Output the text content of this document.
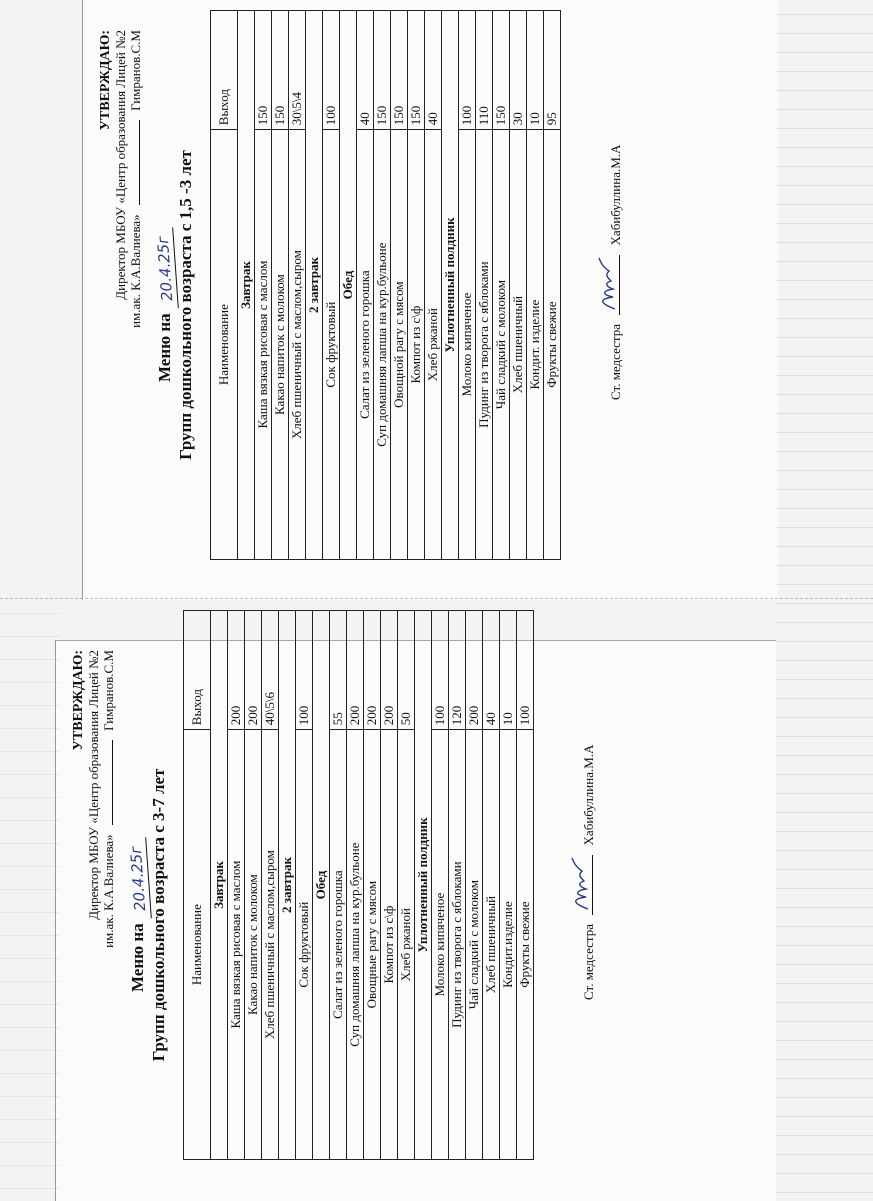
УТВЕРЖДАЮ: Директор МБОУ «Центр образования Лицей №2 им.ак. К.А.Валиева»  Гимранов.С.М
Меню на 20.4.25г Групп дошкольного возраста с 1,5 -3 лет Наименование	Выход
Завтрак	
Каша вязкая рисовая с маслом	150
Какао напиток с молоком	150
Хлеб пшеничный с маслом,сыром	30\5\4
2 завтрак	
Сок фруктовый	100
Обед	
Салат из зеленого горошка	40
Суп домашняя лапша на кур.бульоне	150
Овощной рагу с мясом	150
Компот из с\ф	150
Хлеб ржаной	40
Уплотненный полдник	
Молоко кипяченое	100
Пудинг из творога с яблоками	110
Чай сладкий с молоком	150
Хлеб пшеничный	30
Кондит. изделие	10
Фрукты свежие	95
Ст. медсестра
Хабибуллина.М.А
УТВЕРЖДАЮ: Директор МБОУ «Центр образования Лицей №2 им.ак. К.А.Валиева»  Гимранов.С.М
Меню на 20.4.25г Групп дошкольного возраста с 3-7 лет Наименование	Выход
Завтрак	
Каша вязкая рисовая с маслом	200
Какао напиток с молоком	200
Хлеб пшеничный с маслом,сыром	40\5\6
2 завтрак	
Сок фруктовый	100
Обед	
Салат из зеленого горошка	55
Суп домашняя лапша на кур.бульоне	200
Овощные рагу с мясом	200
Компот из с\ф	200
Хлеб ржаной	50
Уплотненный полдник	
Молоко кипяченое	100
Пудинг из творога с яблоками	120
Чай сладкий с молоком	200
Хлеб пшеничный	40
Кондит.изделие	10
Фрукты свежие	100
Ст. медсестра
Хабибуллина.М.А
